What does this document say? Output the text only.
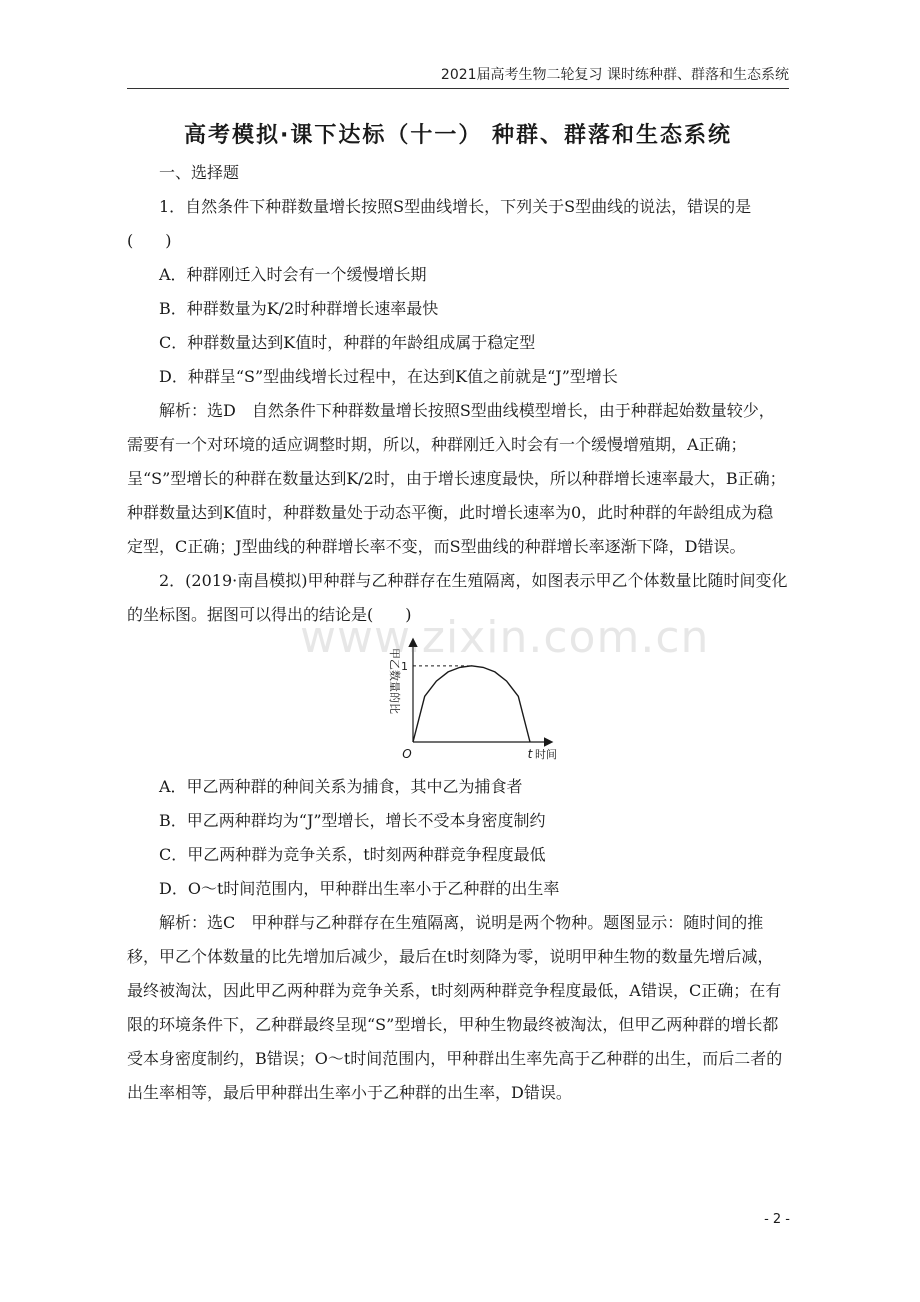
2021届高考生物二轮复习 课时练种群、群落和生态系统
高考模拟·课下达标（十一） 种群、群落和生态系统

一、选择题

1．自然条件下种群数量增长按照S型曲线增长，下列关于S型曲线的说法，错误的是(　　)

A．种群刚迁入时会有一个缓慢增长期

B．种群数量为K/2时种群增长速率最快

C．种群数量达到K值时，种群的年龄组成属于稳定型

D．种群呈“S”型曲线增长过程中，在达到K值之前就是“J”型增长

解析：选D　自然条件下种群数量增长按照S型曲线模型增长，由于种群起始数量较少，需要有一个对环境的适应调整时期，所以，种群刚迁入时会有一个缓慢增殖期，A正确；呈“S”型增长的种群在数量达到K/2时，由于增长速度最快，所以种群增长速率最大，B正确；种群数量达到K值时，种群数量处于动态平衡，此时增长速率为0，此时种群的年龄组成为稳定型，C正确；J型曲线的种群增长率不变，而S型曲线的种群增长率逐渐下降，D错误。

2．(2019·南昌模拟)甲种群与乙种群存在生殖隔离，如图表示甲乙个体数量比随时间变化的坐标图。据图可以得出的结论是(　　)

1
t
O	时间
甲乙数量的比

A．甲乙两种群的种间关系为捕食，其中乙为捕食者

B．甲乙两种群均为“J”型增长，增长不受本身密度制约

C．甲乙两种群为竞争关系，t时刻两种群竞争程度最低

D．O～t时间范围内，甲种群出生率小于乙种群的出生率

解析：选C　甲种群与乙种群存在生殖隔离，说明是两个物种。题图显示：随时间的推移，甲乙个体数量的比先增加后减少，最后在t时刻降为零，说明甲种生物的数量先增后减，最终被淘汰，因此甲乙两种群为竞争关系，t时刻两种群竞争程度最低，A错误，C正确；在有限的环境条件下，乙种群最终呈现“S”型增长，甲种生物最终被淘汰，但甲乙两种群的增长都受本身密度制约，B错误；O～t时间范围内，甲种群出生率先高于乙种群的出生，而后二者的出生率相等，最后甲种群出生率小于乙种群的出生率，D错误。

www.zixin.com.cn
- 2 -
